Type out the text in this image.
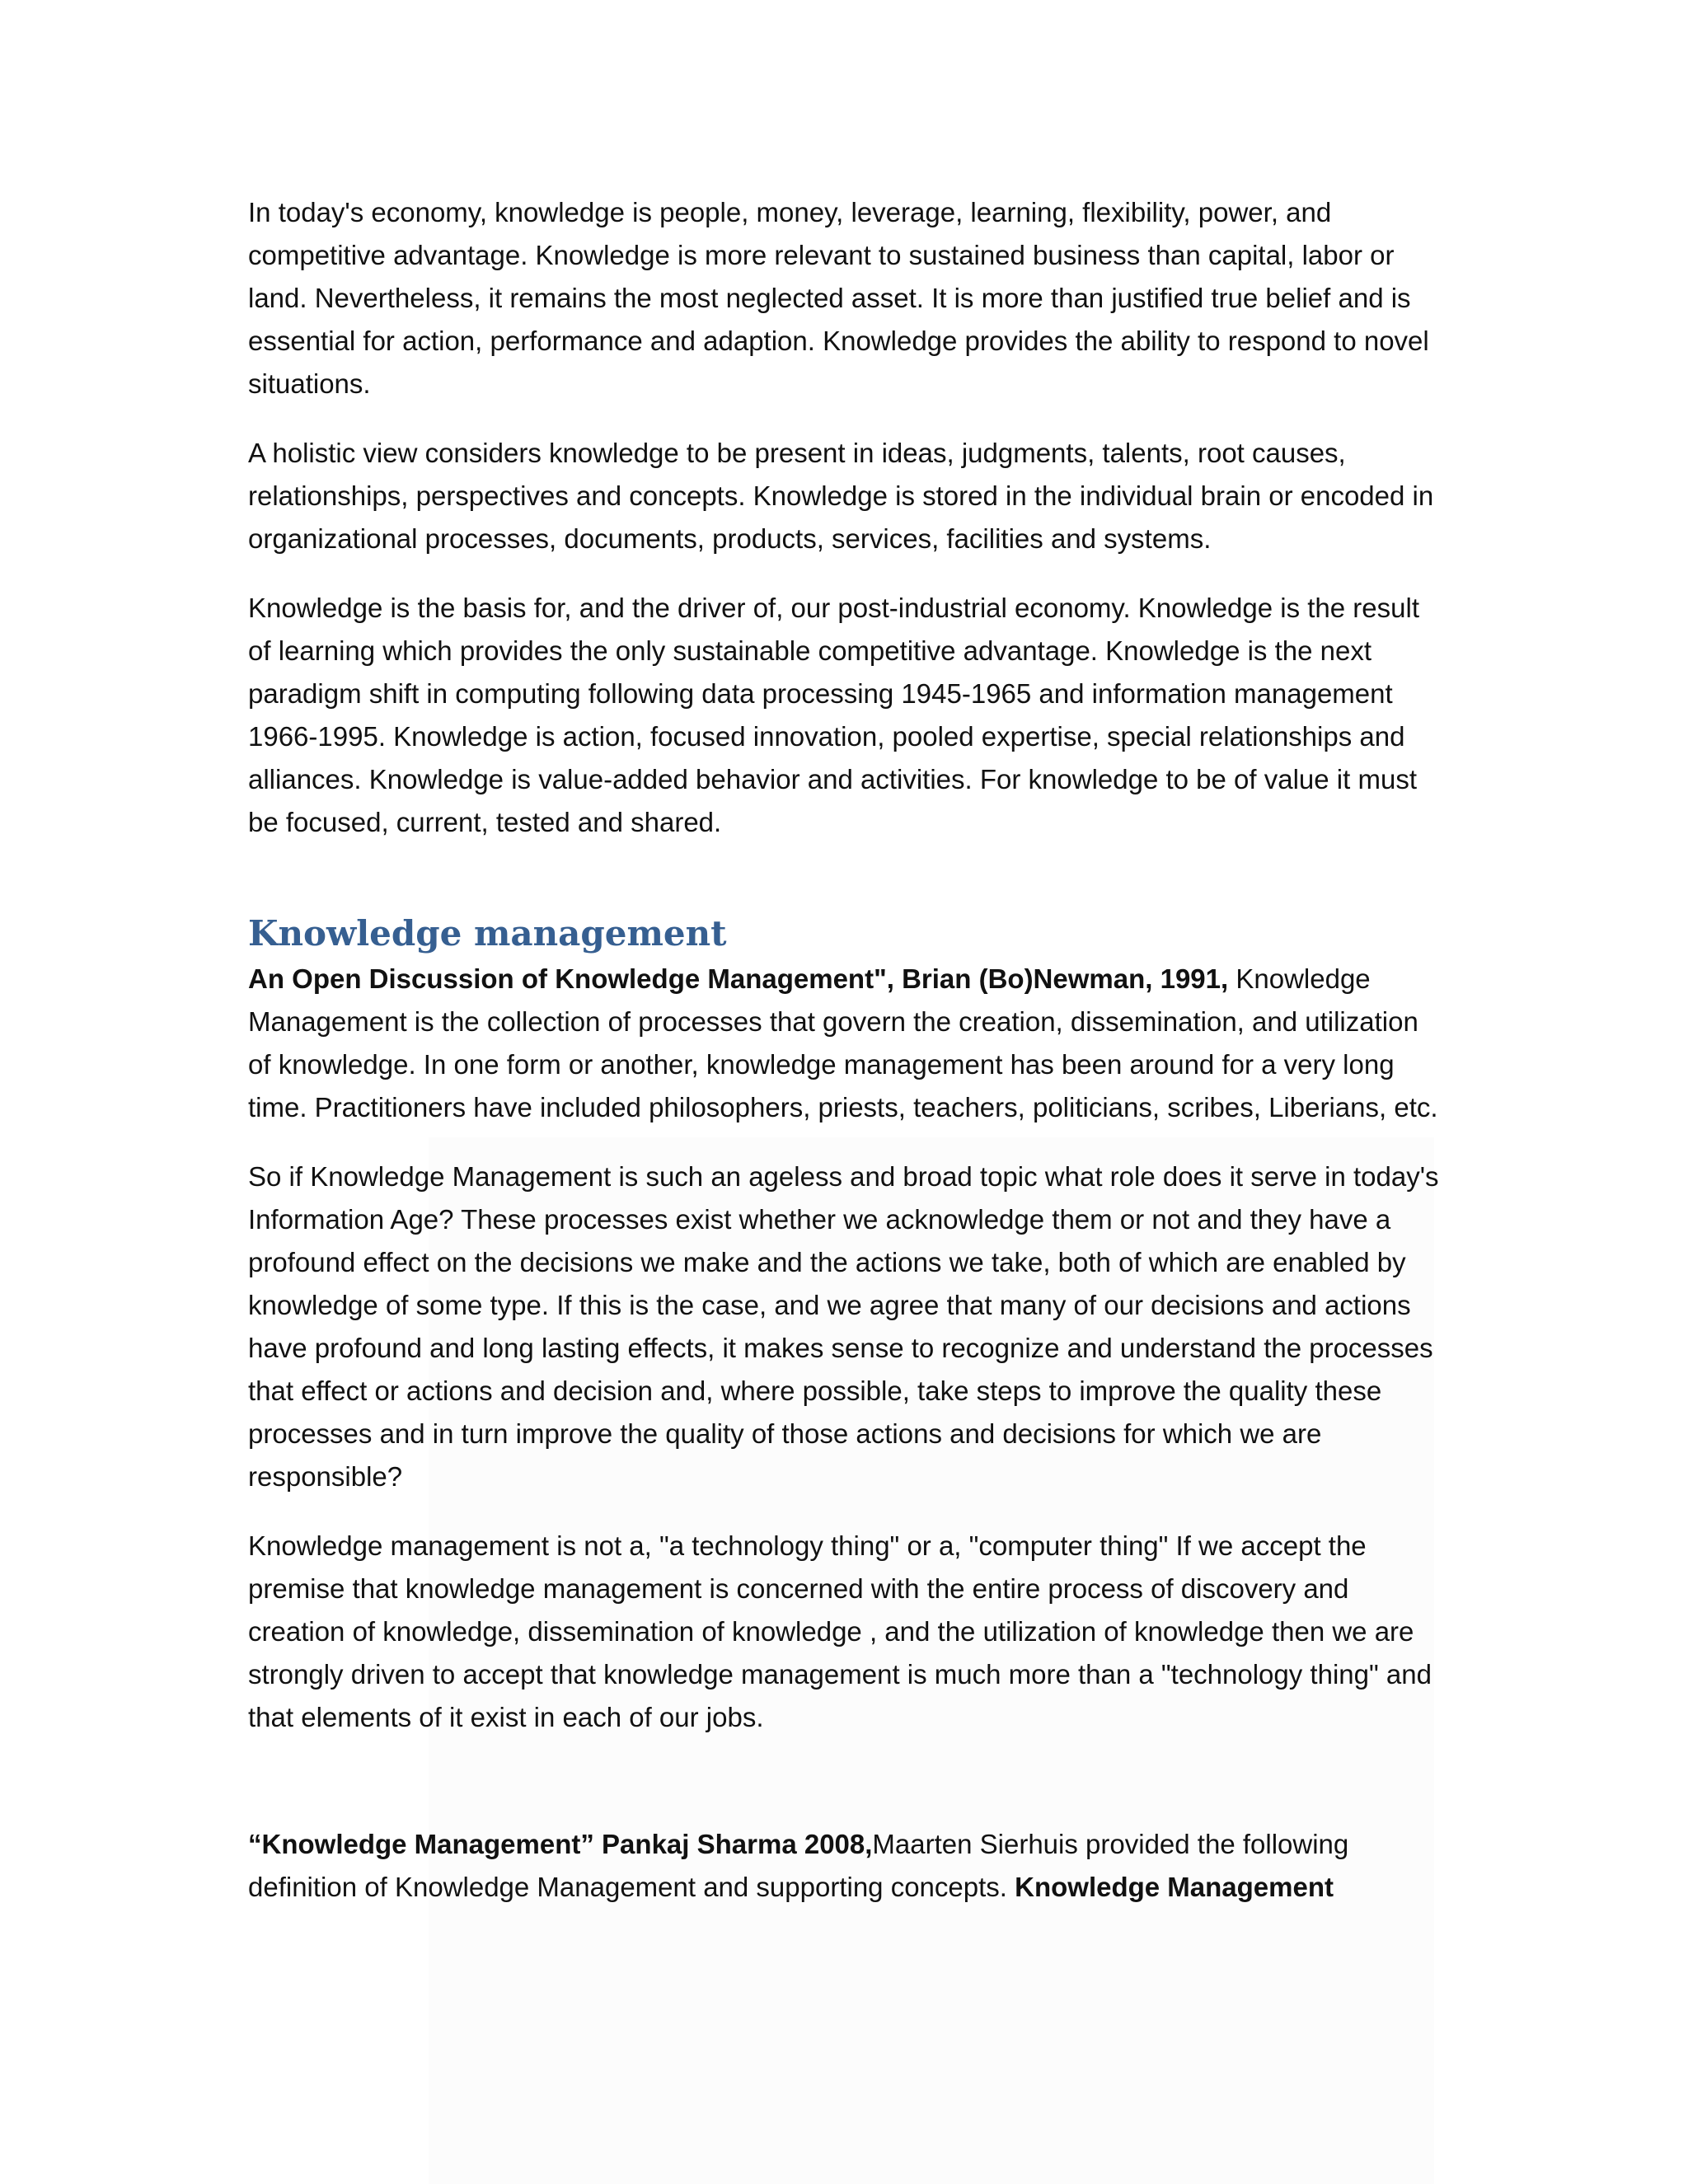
In today's economy, knowledge is people, money, leverage, learning, flexibility, power, and competitive advantage. Knowledge is more relevant to sustained business than capital, labor or land. Nevertheless, it remains the most neglected asset. It is more than justified true belief and is essential for action, performance and adaption. Knowledge provides the ability to respond to novel situations.

A holistic view considers knowledge to be present in ideas, judgments, talents, root causes, relationships, perspectives and concepts. Knowledge is stored in the individual brain or encoded in organizational processes, documents, products, services, facilities and systems.

Knowledge is the basis for, and the driver of, our post-industrial economy. Knowledge is the result of learning which provides the only sustainable competitive advantage. Knowledge is the next paradigm shift in computing following data processing 1945-1965 and information management 1966-1995. Knowledge is action, focused innovation, pooled expertise, special relationships and alliances. Knowledge is value-added behavior and activities. For knowledge to be of value it must be focused, current, tested and shared.

Knowledge management

An Open Discussion of Knowledge Management", Brian (Bo)Newman, 1991, Knowledge Management is the collection of processes that govern the creation, dissemination, and utilization of knowledge. In one form or another, knowledge management has been around for a very long time. Practitioners have included philosophers, priests, teachers, politicians, scribes, Liberians, etc.

So if Knowledge Management is such an ageless and broad topic what role does it serve in today's Information Age? These processes exist whether we acknowledge them or not and they have a profound effect on the decisions we make and the actions we take, both of which are enabled by knowledge of some type. If this is the case, and we agree that many of our decisions and actions have profound and long lasting effects, it makes sense to recognize and understand the processes that effect or actions and decision and, where possible, take steps to improve the quality these processes and in turn improve the quality of those actions and decisions for which we are responsible?

Knowledge management is not a, "a technology thing" or a, "computer thing" If we accept the premise that knowledge management is concerned with the entire process of discovery and creation of knowledge, dissemination of knowledge , and the utilization of knowledge then we are strongly driven to accept that knowledge management is much more than a "technology thing" and that elements of it exist in each of our jobs.

“Knowledge Management” Pankaj Sharma 2008,Maarten Sierhuis provided the following definition of Knowledge Management and supporting concepts. Knowledge Management
